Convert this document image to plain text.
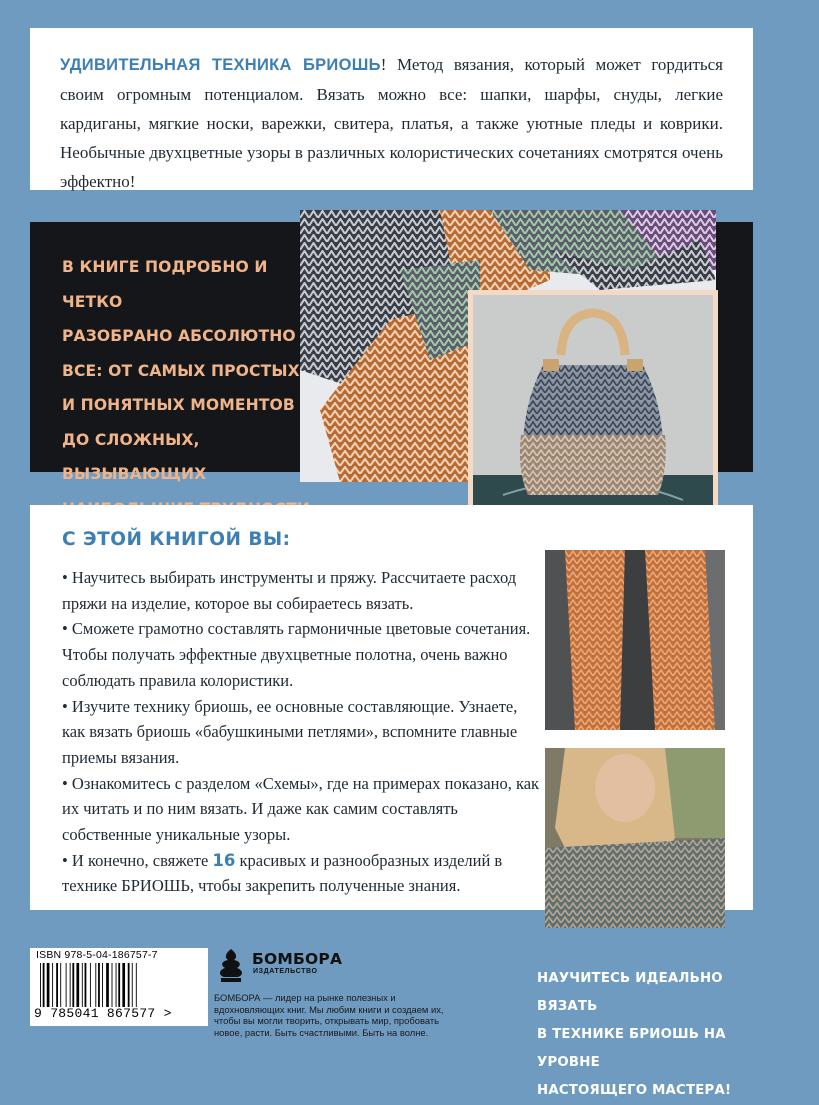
УДИВИТЕЛЬНАЯ ТЕХНИКА БРИОШЬ! Метод вязания, который может гордиться своим огромным потенциалом. Вязать можно все: шапки, шарфы, снуды, легкие кардиганы, мягкие носки, варежки, свитера, платья, а также уютные пледы и коврики. Необычные двухцветные узоры в различных колористических сочетаниях смотрятся очень эффектно!

В КНИГЕ ПОДРОБНО И ЧЕТКО
РАЗОБРАНО АБСОЛЮТНО
ВСЕ: ОТ САМЫХ ПРОСТЫХ
И ПОНЯТНЫХ МОМЕНТОВ
ДО СЛОЖНЫХ, ВЫЗЫВАЮЩИХ
С ЭТОЙ КНИГОЙ ВЫ:

• Научитесь выбирать инструменты и пряжу. Рассчитаете расход пряжи на изделие, которое вы собираетесь вязать.

• Сможете грамотно составлять гармоничные цветовые сочетания. Чтобы получать эффектные двухцветные полотна, очень важно соблюдать правила колористики.

• Изучите технику бриошь, ее основные составляющие. Узнаете, как вязать бриошь «бабушкиными петлями», вспомните главные приемы вязания.

• Ознакомитесь с разделом «Схемы», где на примерах показано, как их читать и по ним вязать. И даже как самим составлять собственные уникальные узоры.

• И конечно, свяжете 16 красивых и разнообразных изделий в технике БРИОШЬ, чтобы закрепить полученные знания.

ISBN 978-5-04-186757-7
9 785041 867577 >
БОМБОРА
ИЗДАТЕЛЬСТВО
БОМБОРА — лидер на рынке полезных и вдохновляющих книг. Мы любим книги и создаем их, чтобы вы могли творить, открывать мир, пробовать новое, расти. Быть счастливыми. Быть на волне.
НАУЧИТЕСЬ ИДЕАЛЬНО ВЯЗАТЬ
В ТЕХНИКЕ БРИОШЬ НА УРОВНЕ
НАСТОЯЩЕГО МАСТЕРА!
